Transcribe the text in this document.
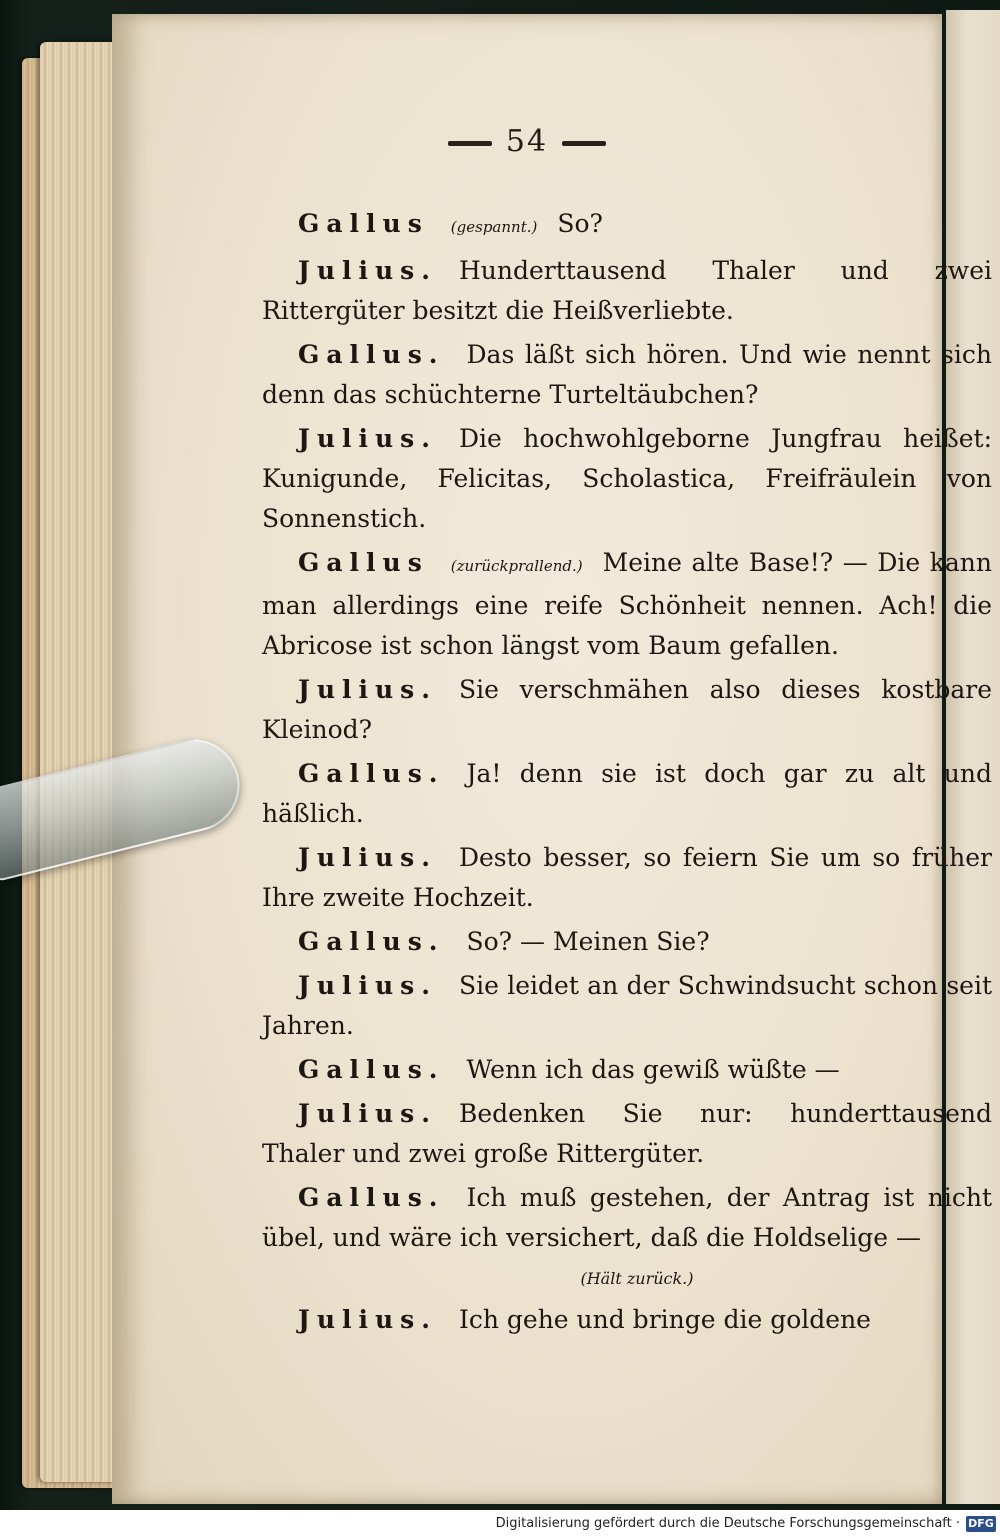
54

Gallus (gespannt.) So?

Julius. Hunderttausend Thaler und zwei Rittergüter besitzt die Heißverliebte.

Gallus. Das läßt sich hören. Und wie nennt sich denn das schüchterne Turteltäubchen?

Julius. Die hochwohlgeborne Jungfrau heißet: Kunigunde, Felicitas, Scholastica, Freifräulein von Sonnenstich.

Gallus (zurückprallend.) Meine alte Base!? — Die kann man allerdings eine reife Schönheit nennen. Ach! die Abricose ist schon längst vom Baum gefallen.

Julius. Sie verschmähen also dieses kostbare Kleinod?

Gallus. Ja! denn sie ist doch gar zu alt und häßlich.

Julius. Desto besser, so feiern Sie um so früher Ihre zweite Hochzeit.

Gallus. So? — Meinen Sie?

Julius. Sie leidet an der Schwindsucht schon seit Jahren.

Gallus. Wenn ich das gewiß wüßte —

Julius. Bedenken Sie nur: hunderttausend Thaler und zwei große Rittergüter.

Gallus. Ich muß gestehen, der Antrag ist nicht übel, und wäre ich versichert, daß die Holdselige —

(Hält zurück.)

Julius. Ich gehe und bringe die goldene

Digitalisierung gefördert durch die Deutsche Forschungsgemeinschaft · DFG
